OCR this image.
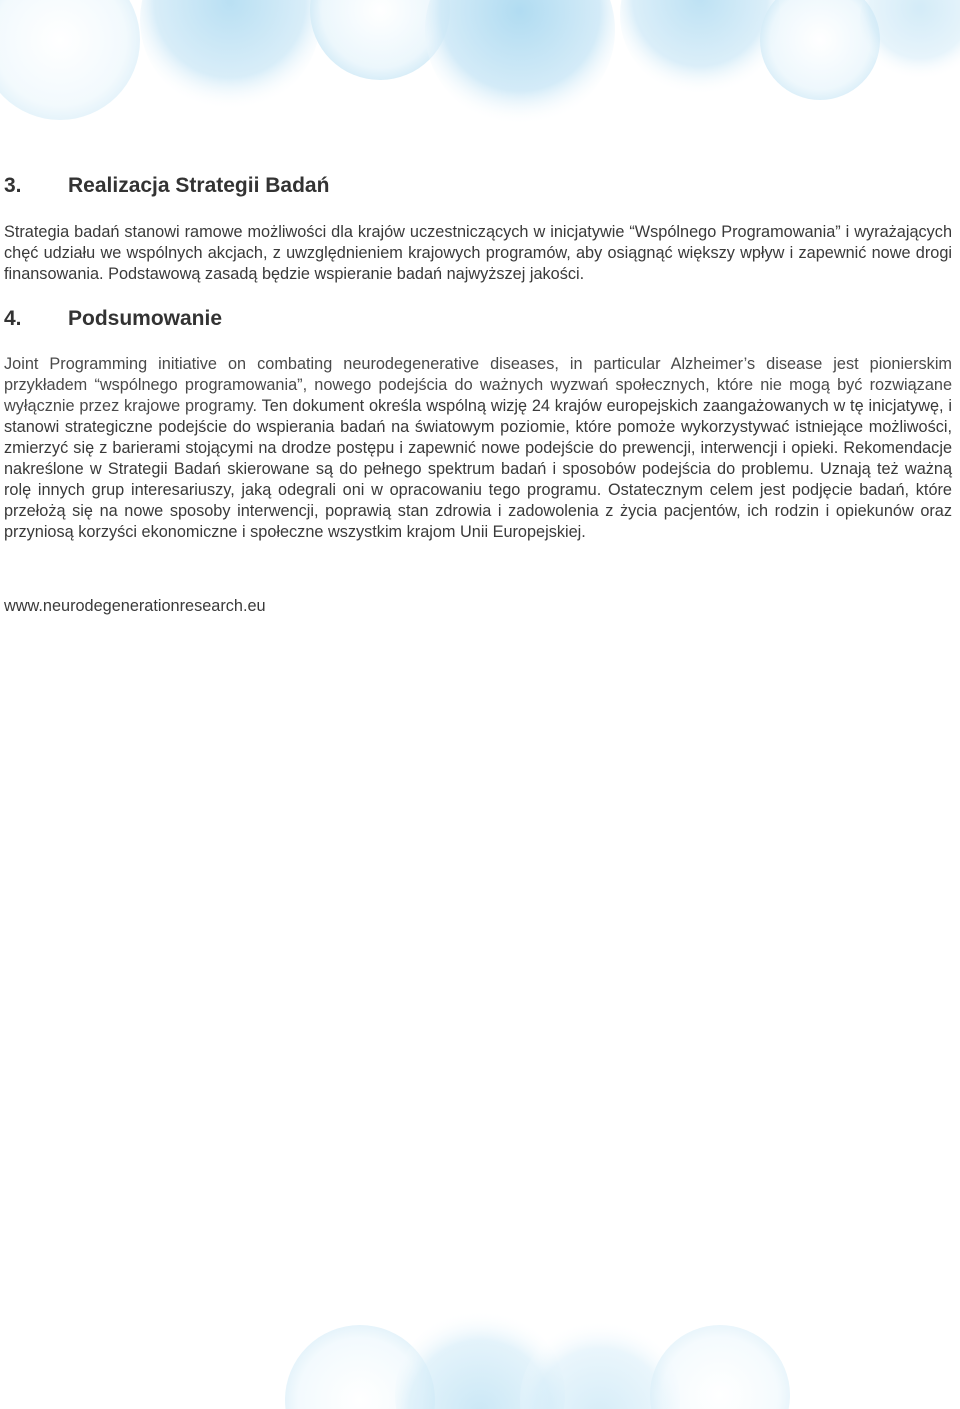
3. Realizacja Strategii Badań
Strategia badań stanowi ramowe możliwości dla krajów uczestniczących w inicjatywie “Wspólnego Programowania” i wyrażających chęć udziału we wspólnych akcjach, z uwzględnieniem krajowych programów, aby osiągnąć większy wpływ i zapewnić nowe drogi finansowania. Podstawową zasadą będzie wspieranie badań najwyższej jakości.
4. Podsumowanie
Joint Programming initiative on combating neurodegenerative diseases, in particular Alzheimer’s disease jest pionierskim przykładem “wspólnego programowania”, nowego podejścia do ważnych wyzwań społecznych, które nie mogą być rozwiązane wyłącznie przez krajowe programy. Ten dokument określa wspólną wizję 24 krajów europejskich zaangażowanych w tę inicjatywę, i stanowi strategiczne podejście do wspierania badań na światowym poziomie, które pomoże wykorzystywać istniejące możliwości, zmierzyć się z barierami stojącymi na drodze postępu i zapewnić nowe podejście do prewencji, interwencji i opieki. Rekomendacje nakreślone w Strategii Badań skierowane są do pełnego spektrum badań i sposobów podejścia do problemu. Uznają też ważną rolę innych grup interesariuszy, jaką odegrali oni w opracowaniu tego programu. Ostatecznym celem jest podjęcie badań, które przełożą się na nowe sposoby interwencji, poprawią stan zdrowia i zadowolenia z życia pacjentów, ich rodzin i opiekunów oraz przyniosą korzyści ekonomiczne i społeczne wszystkim krajom Unii Europejskiej.
www.neurodegenerationresearch.eu
